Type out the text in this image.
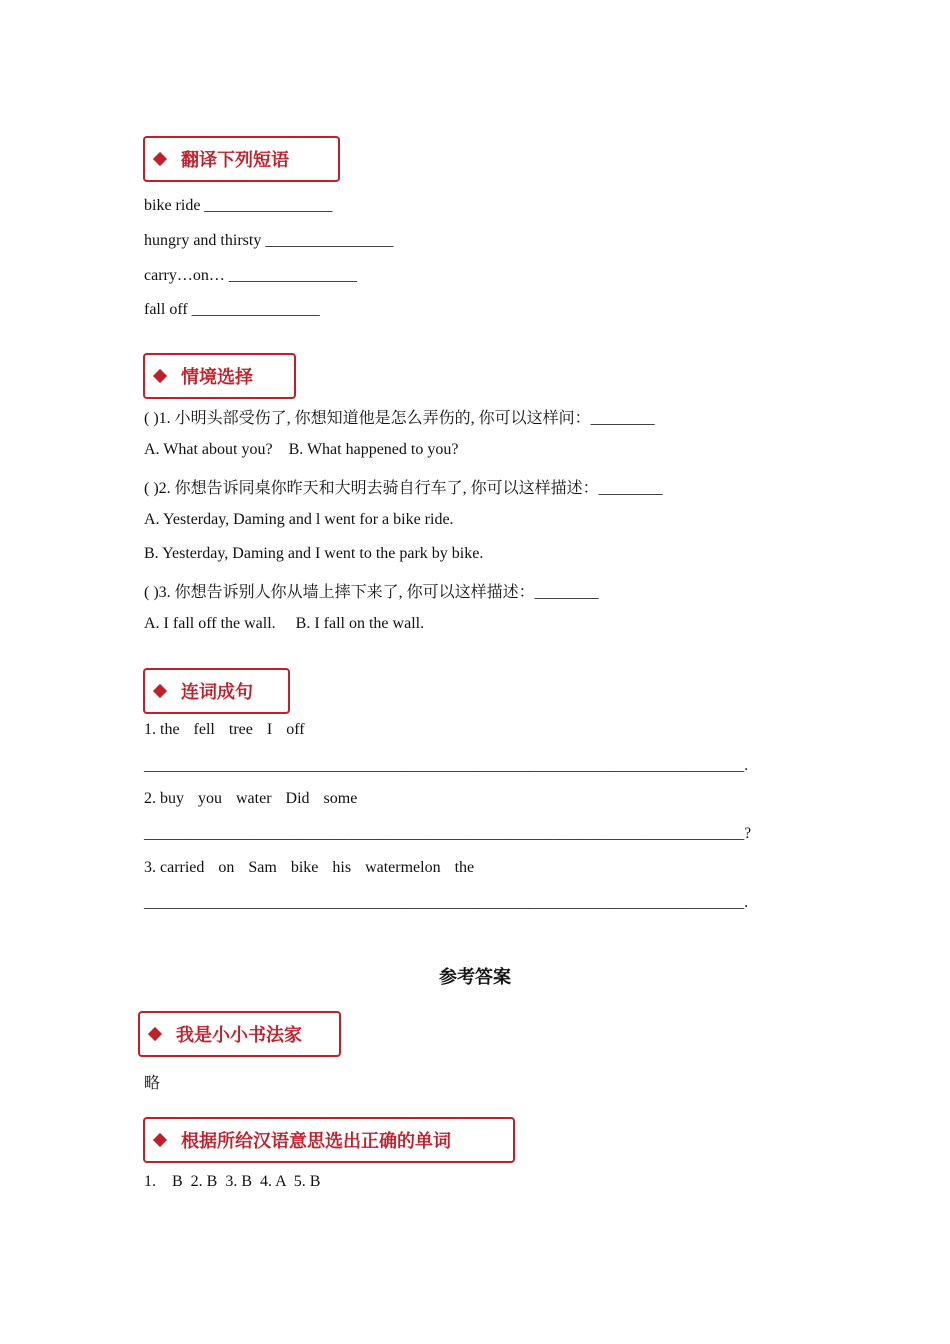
翻译下列短语
bike ride ________________
hungry and thirsty ________________
carry…on… ________________
fall off ________________
情境选择
( )1. 小明头部受伤了, 你想知道他是怎么弄伤的, 你可以这样问：________
A. What about you?    B. What happened to you?
( )2. 你想告诉同桌你昨天和大明去骑自行车了, 你可以这样描述：________
A. Yesterday, Daming and l went for a bike ride.
B. Yesterday, Daming and I went to the park by bike.
( )3. 你想告诉别人你从墙上摔下来了, 你可以这样描述：________
A. I fall off the wall.     B. I fall on the wall.
连词成句
1. the fell tree I off
______________________________________________________________________________.
2. buy you water Did some
______________________________________________________________________________?
3. carried on Sam bike his watermelon the
______________________________________________________________________________.
参考答案
我是小小书法家
略
根据所给汉语意思选出正确的单词
1.    B  2. B  3. B  4. A  5. B
